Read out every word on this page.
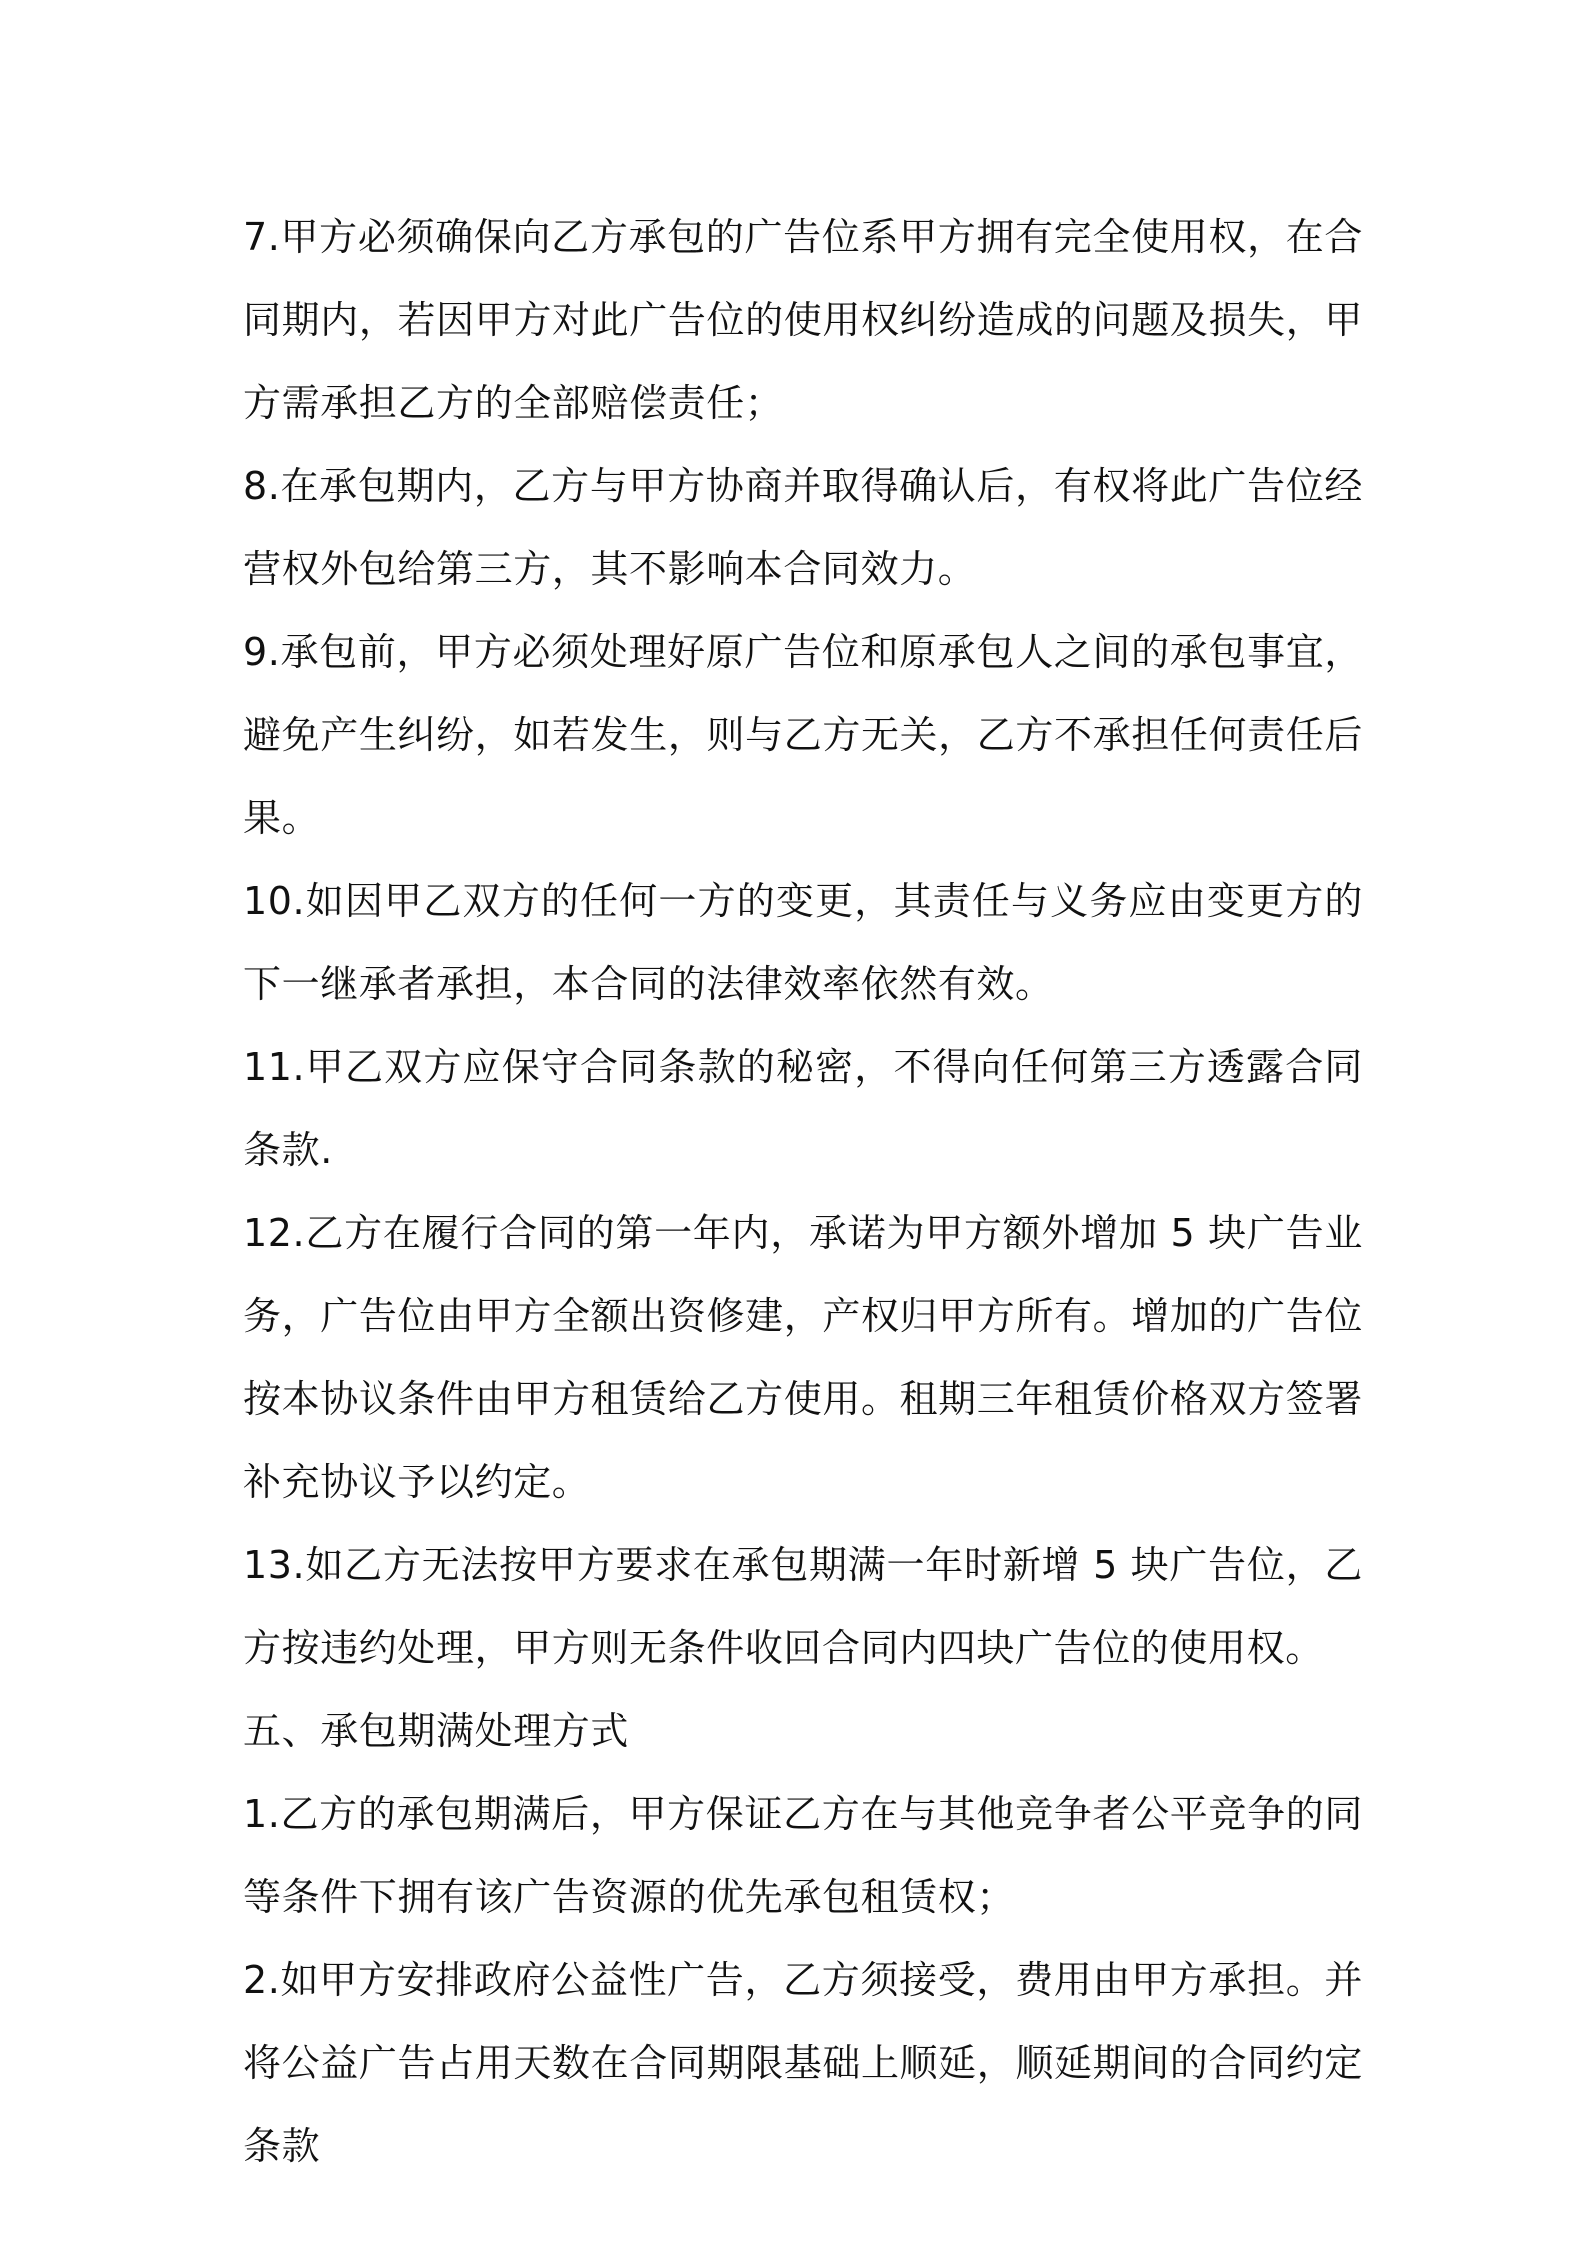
7.甲方必须确保向乙方承包的广告位系甲方拥有完全使用权，在合同期内，若因甲方对此广告位的使用权纠纷造成的问题及损失，甲方需承担乙方的全部赔偿责任；

8.在承包期内，乙方与甲方协商并取得确认后，有权将此广告位经营权外包给第三方，其不影响本合同效力。

9.承包前，甲方必须处理好原广告位和原承包人之间的承包事宜，避免产生纠纷，如若发生，则与乙方无关，乙方不承担任何责任后果。

10.如因甲乙双方的任何一方的变更，其责任与义务应由变更方的下一继承者承担，本合同的法律效率依然有效。

11.甲乙双方应保守合同条款的秘密，不得向任何第三方透露合同条款.

12.乙方在履行合同的第一年内，承诺为甲方额外增加 5 块广告业务，广告位由甲方全额出资修建，产权归甲方所有。增加的广告位按本协议条件由甲方租赁给乙方使用。租期三年租赁价格双方签署补充协议予以约定。

13.如乙方无法按甲方要求在承包期满一年时新增 5 块广告位，乙方按违约处理，甲方则无条件收回合同内四块广告位的使用权。

五、承包期满处理方式

1.乙方的承包期满后，甲方保证乙方在与其他竞争者公平竞争的同等条件下拥有该广告资源的优先承包租赁权；

2.如甲方安排政府公益性广告，乙方须接受，费用由甲方承担。并将公益广告占用天数在合同期限基础上顺延，顺延期间的合同约定条款
